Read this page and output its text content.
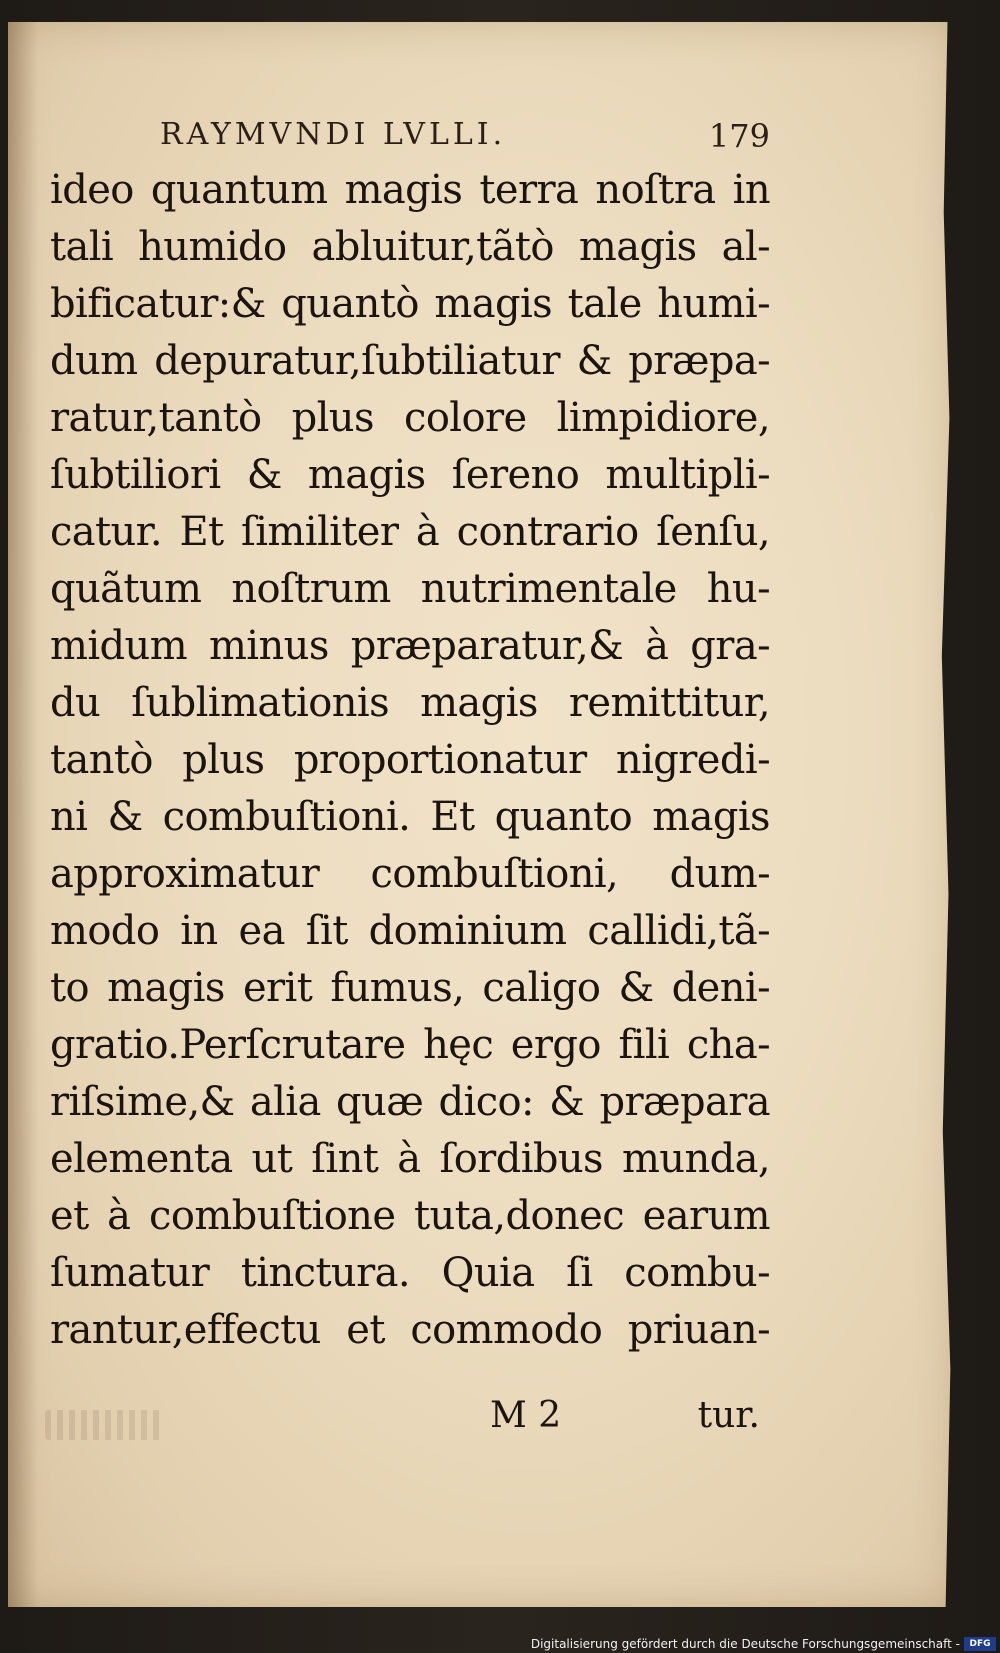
RAYMVNDI LVLLI.	179
ideo quantum magis terra noſtra in
tali humido abluitur,tãtò magis al-
bificatur:& quantò magis tale humi-
dum depuratur,ſubtiliatur & præpa-
ratur,tantò plus colore limpidiore,
ſubtiliori & magis ſereno multipli-
catur. Et ſimiliter à contrario ſenſu,
quãtum noſtrum nutrimentale hu-
midum minus præparatur,& à gra-
du ſublimationis magis remittitur,
tantò plus proportionatur nigredi-
ni & combuſtioni. Et quanto magis
approximatur combuſtioni, dum-
modo in ea ſit dominium callidi,tã-
to magis erit fumus, caligo & deni-
gratio.Perſcrutare hęc ergo fili cha-
riſsime,& alia quæ dico: & præpara
elementa ut ſint à ſordibus munda,
et à combuſtione tuta,donec earum
ſumatur tinctura. Quia ſi combu-
rantur,effectu et commodo priuan-
M 2	tur.
Digitalisierung gefördert durch die Deutsche Forschungsgemeinschaft -	DFG
